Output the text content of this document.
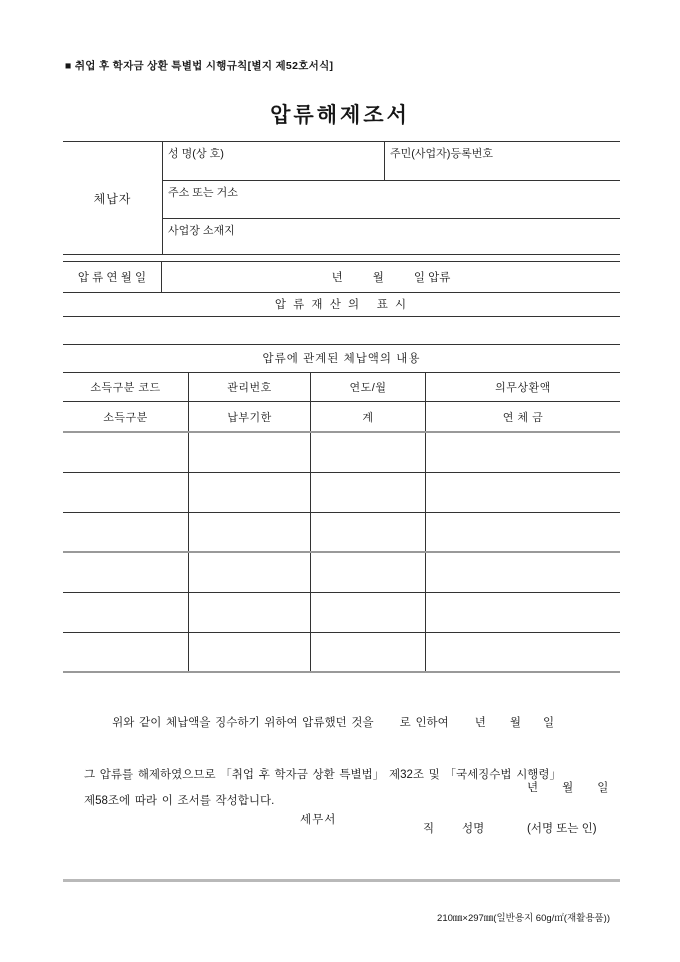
■ 취업 후 학자금 상환 특별법 시행규칙[별지 제52호서식]
압류해제조서
체납자
성 명(상 호)	주민(사업자)등록번호
주소 또는 거소
사업장 소재지
압 류 연 월 일	년	월	일 압류
압 류 재 산 의   표 시
압류에 관계된 체납액의 내용
소득구분 코드	관리번호	연도/월	의무상환액
소득구분	납부기한	계	연 체 금

위와 같이 체납액을 징수하기 위하여 압류했던 것을 로 인하여 년 월 일

그 압류를 해제하였으므로 「취업 후 학자금 상환 특별법」 제32조 및 「국세징수법 시행령」
제58조에 따라 이 조서를 작성합니다.
년 월 일
세무서
직 성명	(서명 또는 인)
210㎜×297㎜(일반용지 60g/㎡(재활용품))
